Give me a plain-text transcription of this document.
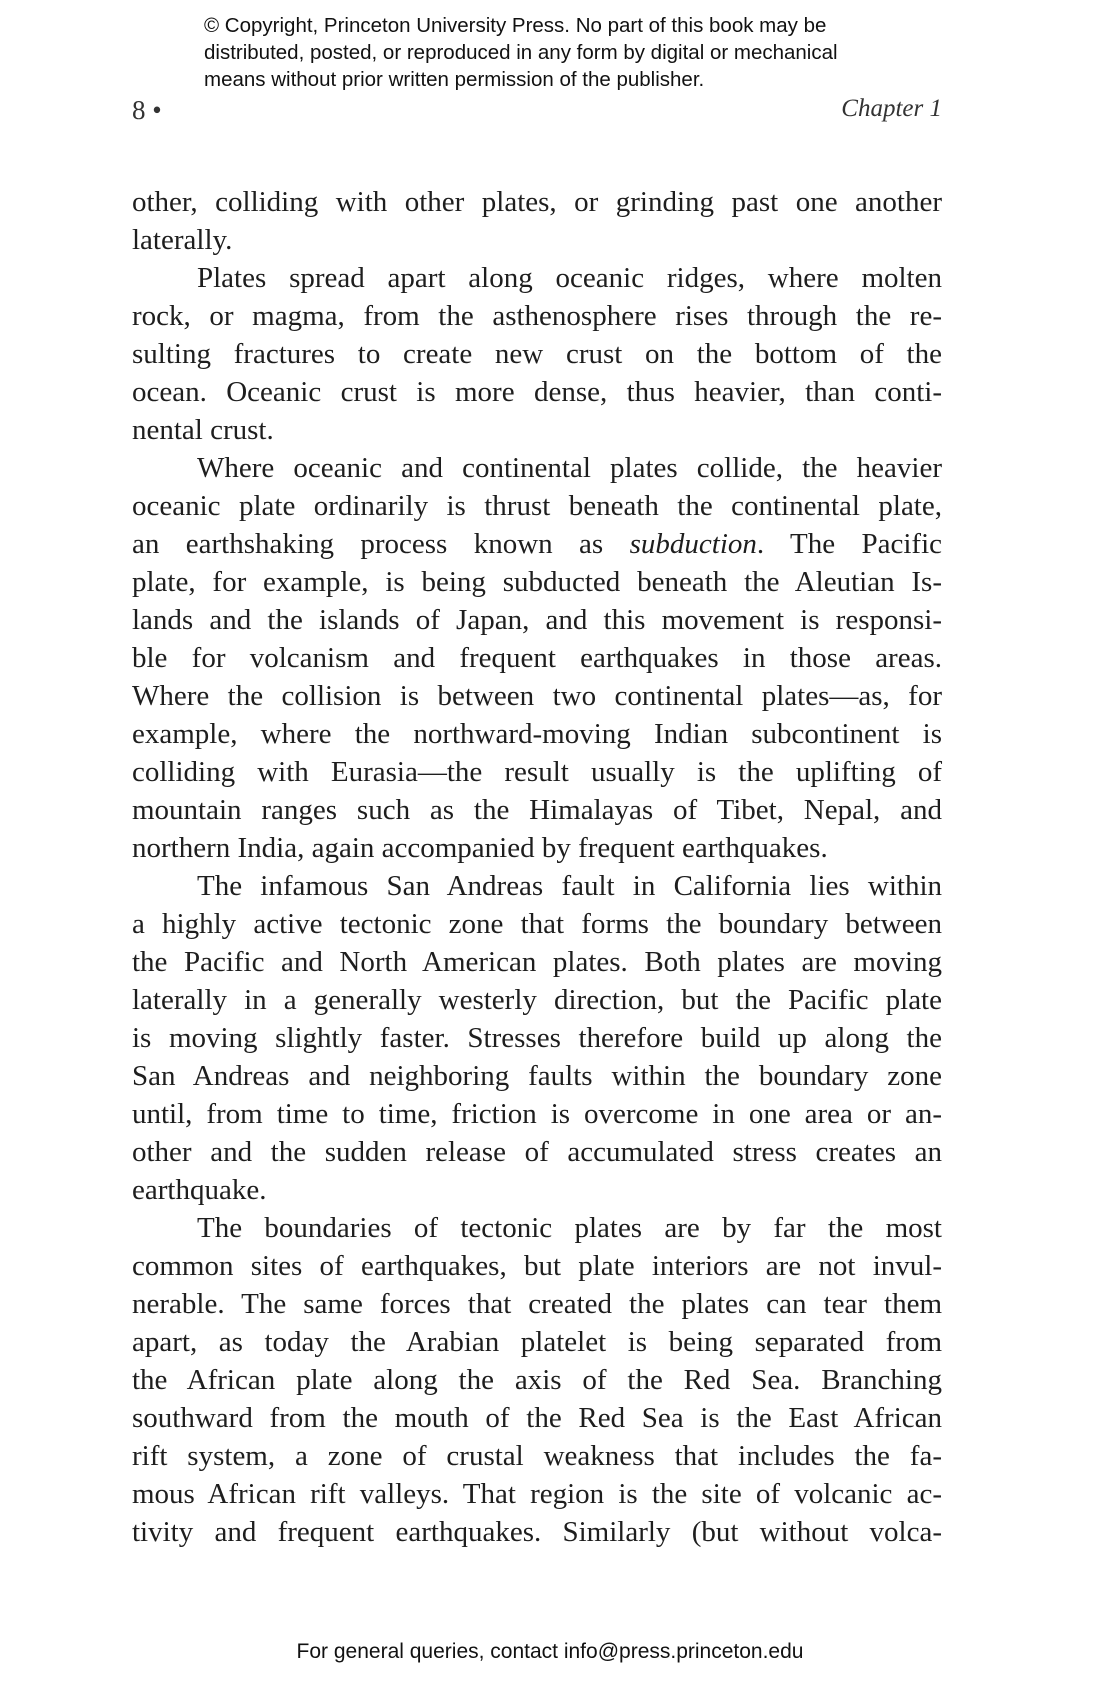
© Copyright, Princeton University Press. No part of this book may be
distributed, posted, or reproduced in any form by digital or mechanical
means without prior written permission of the publisher.
8 •	Chapter 1
other, colliding with other plates, or grinding past one another
laterally.
Plates spread apart along oceanic ridges, where molten
rock, or magma, from the asthenosphere rises through the re-
sulting fractures to create new crust on the bottom of the
ocean. Oceanic crust is more dense, thus heavier, than conti-
nental crust.
Where oceanic and continental plates collide, the heavier
oceanic plate ordinarily is thrust beneath the continental plate,
an earthshaking process known as subduction. The Pacific
plate, for example, is being subducted beneath the Aleutian Is-
lands and the islands of Japan, and this movement is responsi-
ble for volcanism and frequent earthquakes in those areas.
Where the collision is between two continental plates—as, for
example, where the northward-moving Indian subcontinent is
colliding with Eurasia—the result usually is the uplifting of
mountain ranges such as the Himalayas of Tibet, Nepal, and
northern India, again accompanied by frequent earthquakes.
The infamous San Andreas fault in California lies within
a highly active tectonic zone that forms the boundary between
the Pacific and North American plates. Both plates are moving
laterally in a generally westerly direction, but the Pacific plate
is moving slightly faster. Stresses therefore build up along the
San Andreas and neighboring faults within the boundary zone
until, from time to time, friction is overcome in one area or an-
other and the sudden release of accumulated stress creates an
earthquake.
The boundaries of tectonic plates are by far the most
common sites of earthquakes, but plate interiors are not invul-
nerable. The same forces that created the plates can tear them
apart, as today the Arabian platelet is being separated from
the African plate along the axis of the Red Sea. Branching
southward from the mouth of the Red Sea is the East African
rift system, a zone of crustal weakness that includes the fa-
mous African rift valleys. That region is the site of volcanic ac-
tivity and frequent earthquakes. Similarly (but without volca-
For general queries, contact info@press.princeton.edu
